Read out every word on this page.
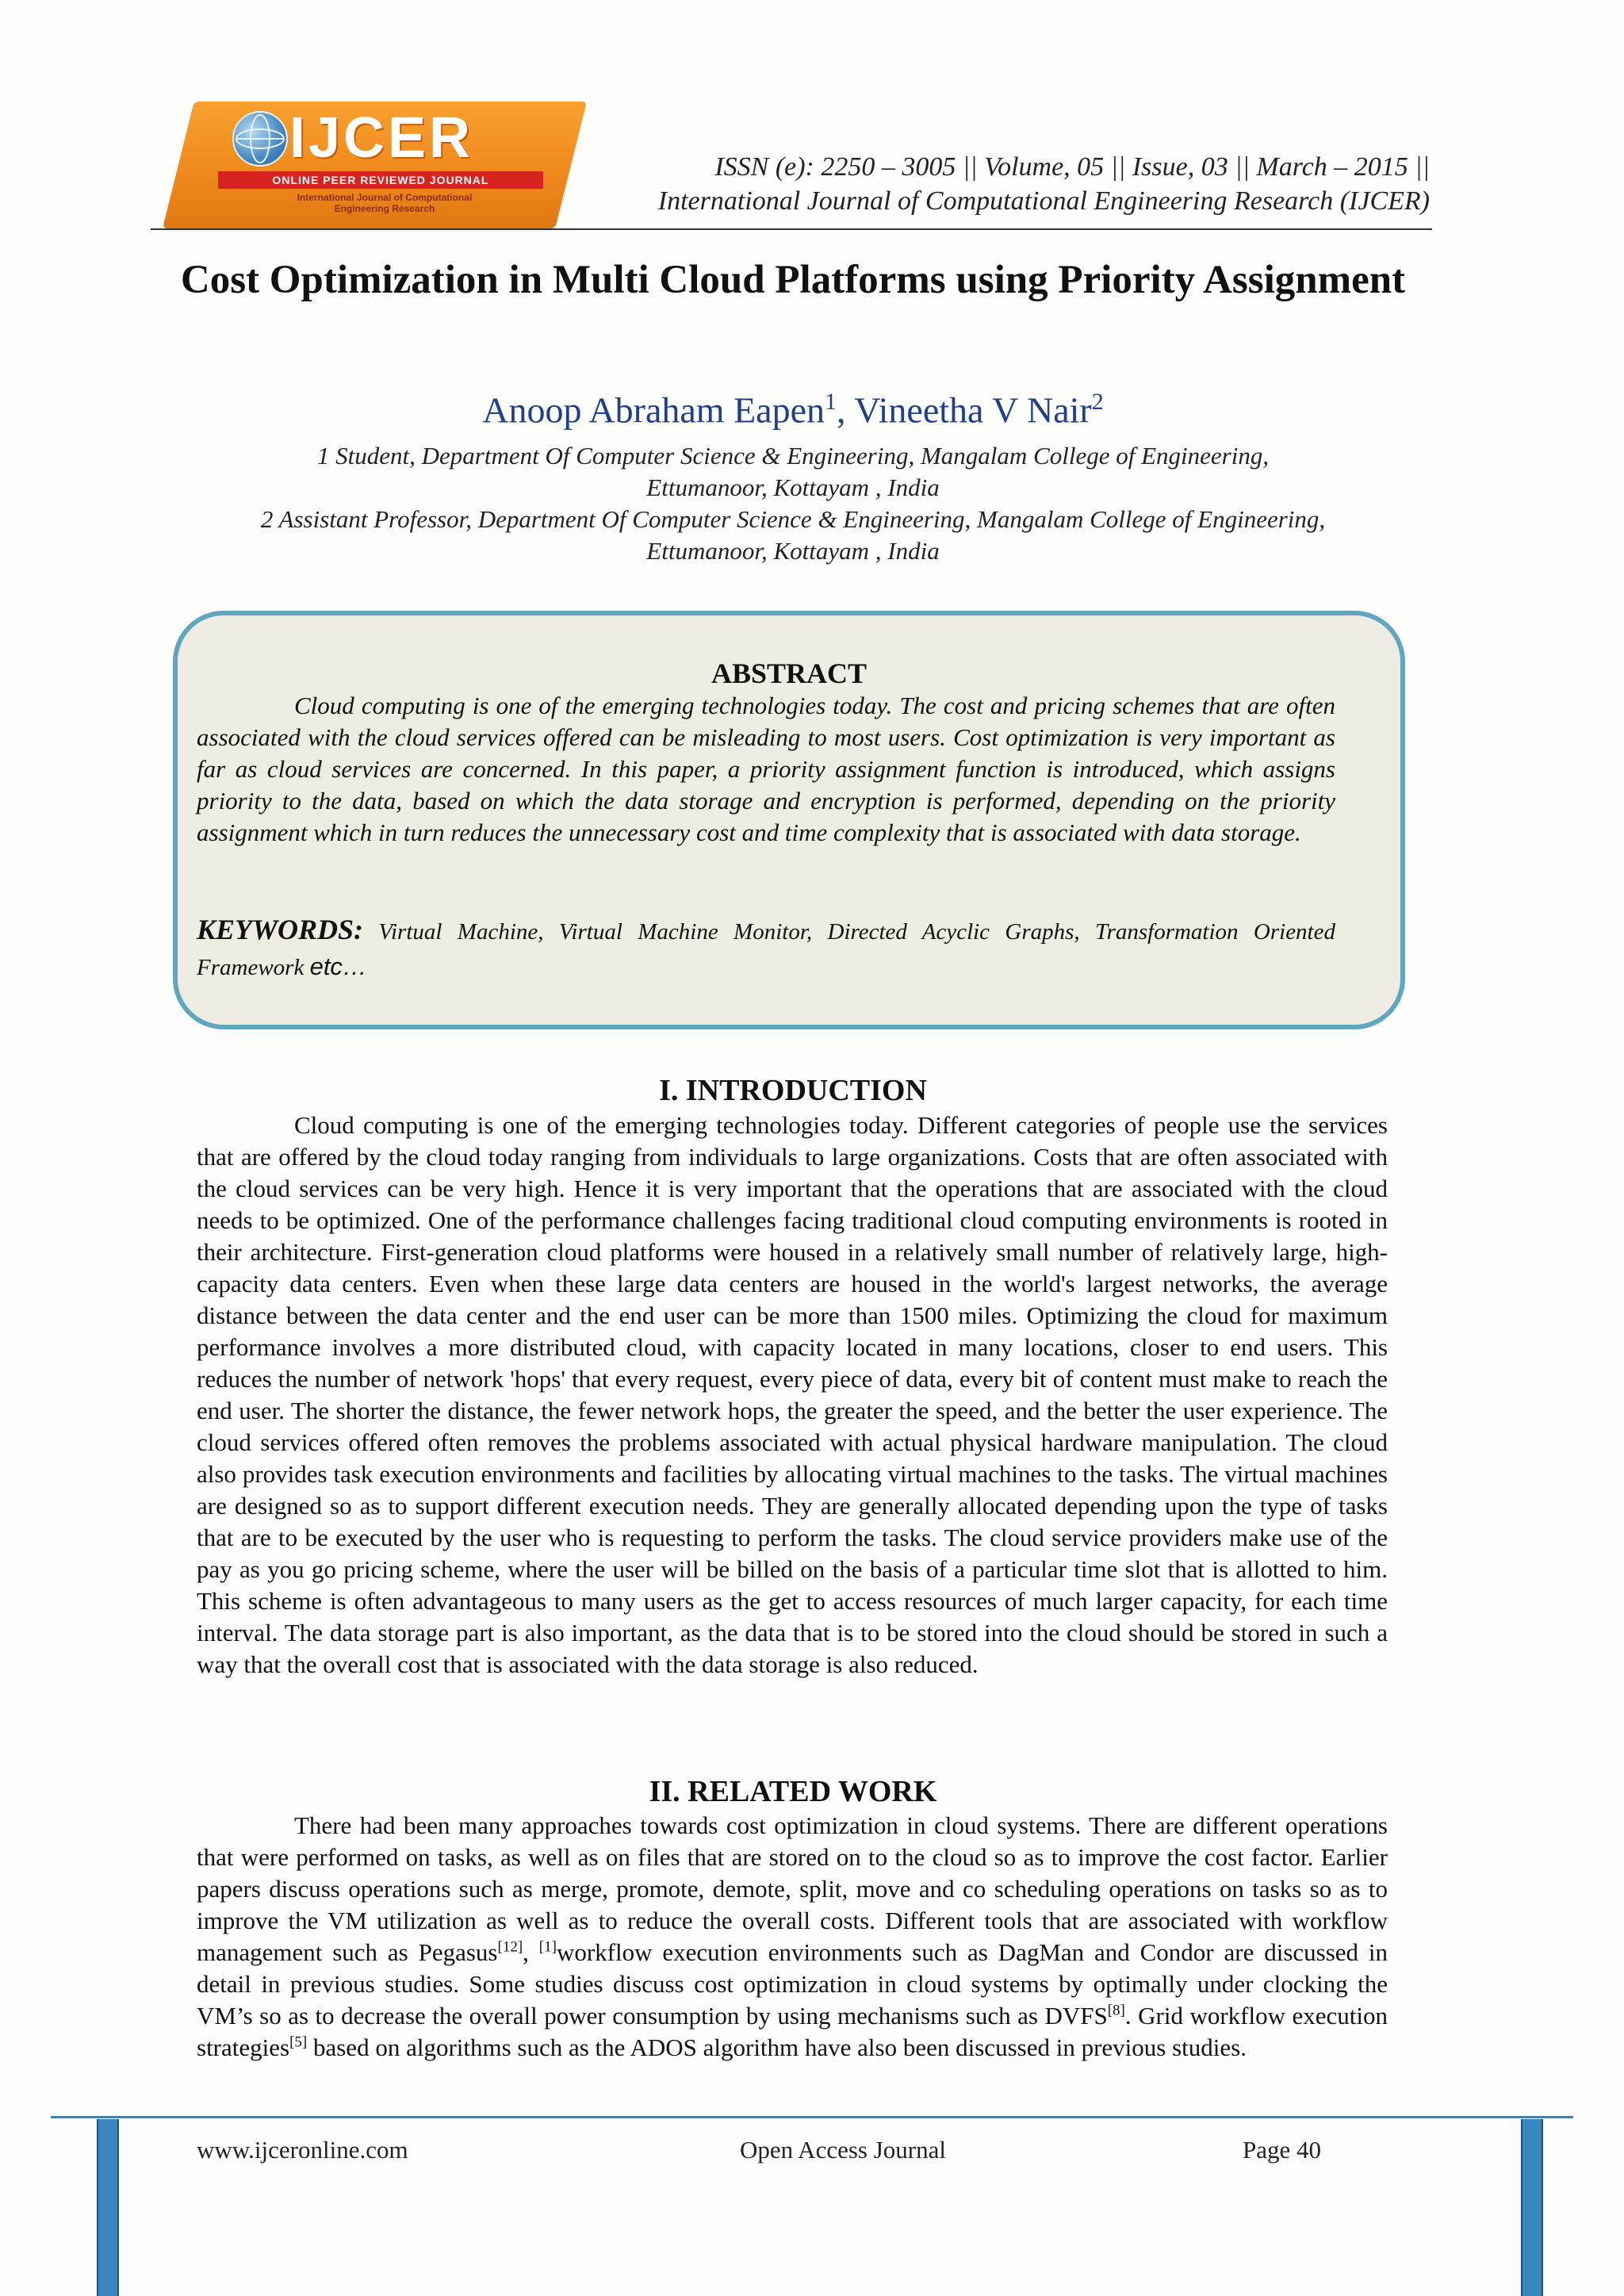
IJCER
ONLINE PEER REVIEWED JOURNAL
International Journal of Computational
Engineering Research
ISSN (e): 2250 – 3005 || Volume, 05 || Issue, 03 || March – 2015 ||
International Journal of Computational Engineering Research (IJCER)
Cost Optimization in Multi Cloud Platforms using Priority Assignment
Anoop Abraham Eapen$^1$, Vineetha V Nair$^2$
1 Student, Department Of Computer Science & Engineering, Mangalam College of Engineering,
Ettumanoor, Kottayam , India
2 Assistant Professor, Department Of Computer Science & Engineering, Mangalam College of Engineering,
Ettumanoor, Kottayam , India
ABSTRACT
Cloud computing is one of the emerging technologies today. The cost and pricing schemes that are often associated with the cloud services offered can be misleading to most users. Cost optimization is very important as far as cloud services are concerned. In this paper, a priority assignment function is introduced, which assigns priority to the data, based on which the data storage and encryption is performed, depending on the priority assignment which in turn reduces the unnecessary cost and time complexity that is associated with data storage.
KEYWORDS: Virtual Machine, Virtual Machine Monitor, Directed Acyclic Graphs, Transformation Oriented Framework etc…
I. INTRODUCTION
Cloud computing is one of the emerging technologies today. Different categories of people use the services that are offered by the cloud today ranging from individuals to large organizations. Costs that are often associated with the cloud services can be very high. Hence it is very important that the operations that are associated with the cloud needs to be optimized. One of the performance challenges facing traditional cloud computing environments is rooted in their architecture. First-generation cloud platforms were housed in a relatively small number of relatively large, high-capacity data centers. Even when these large data centers are housed in the world's largest networks, the average distance between the data center and the end user can be more than 1500 miles. Optimizing the cloud for maximum performance involves a more distributed cloud, with capacity located in many locations, closer to end users. This reduces the number of network 'hops' that every request, every piece of data, every bit of content must make to reach the end user. The shorter the distance, the fewer network hops, the greater the speed, and the better the user experience. The cloud services offered often removes the problems associated with actual physical hardware manipulation. The cloud also provides task execution environments and facilities by allocating virtual machines to the tasks. The virtual machines are designed so as to support different execution needs. They are generally allocated depending upon the type of tasks that are to be executed by the user who is requesting to perform the tasks. The cloud service providers make use of the pay as you go pricing scheme, where the user will be billed on the basis of a particular time slot that is allotted to him. This scheme is often advantageous to many users as the get to access resources of much larger capacity, for each time interval. The data storage part is also important, as the data that is to be stored into the cloud should be stored in such a way that the overall cost that is associated with the data storage is also reduced.
II. RELATED WORK
There had been many approaches towards cost optimization in cloud systems. There are different operations that were performed on tasks, as well as on files that are stored on to the cloud so as to improve the cost factor. Earlier papers discuss operations such as merge, promote, demote, split, move and co scheduling operations on tasks so as to improve the VM utilization as well as to reduce the overall costs. Different tools that are associated with workflow management such as Pegasus[12], [1]workflow execution environments such as DagMan and Condor are discussed in detail in previous studies. Some studies discuss cost optimization in cloud systems by optimally under clocking the VM’s so as to decrease the overall power consumption by using mechanisms such as DVFS[8]. Grid workflow execution strategies[5] based on algorithms such as the ADOS algorithm have also been discussed in previous studies.
www.ijceronline.com	Open Access Journal	Page 40
